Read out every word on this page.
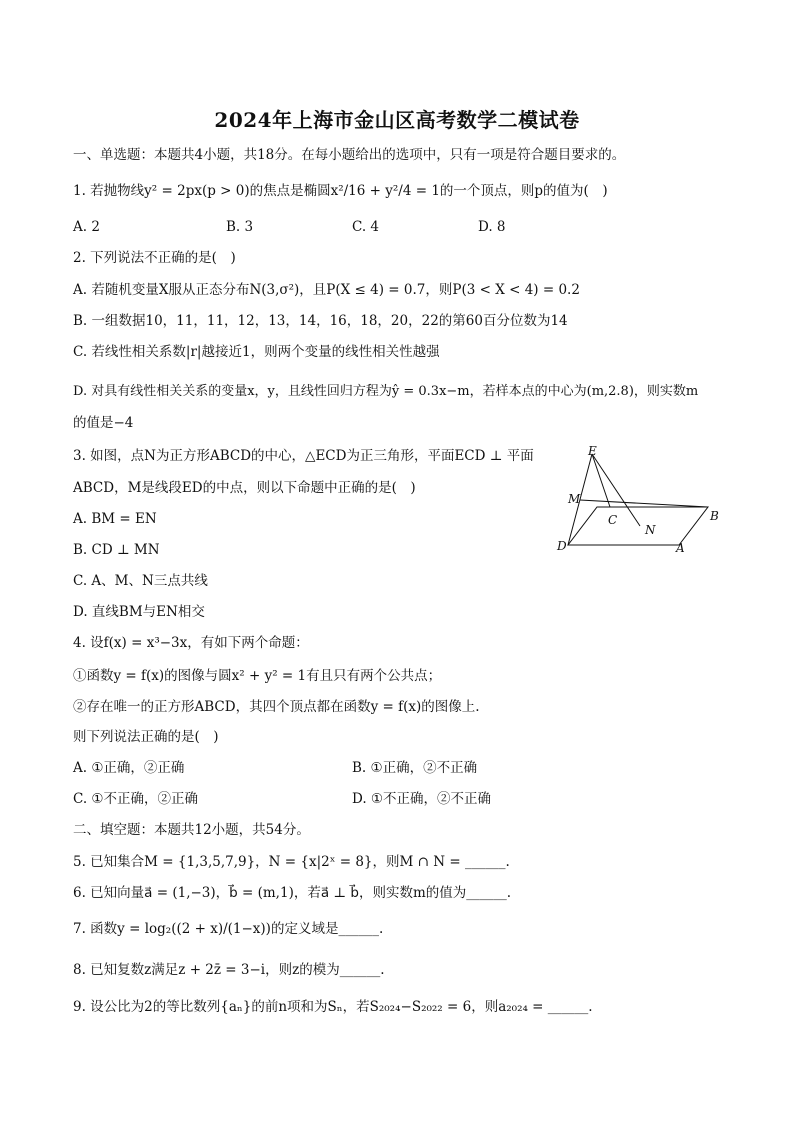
2024年上海市金山区高考数学二模试卷
一、单选题：本题共4小题，共18分。在每小题给出的选项中，只有一项是符合题目要求的。
1. 若抛物线y² = 2px(p > 0)的焦点是椭圆x²/16 + y²/4 = 1的一个顶点，则p的值为(　)
A. 2	B. 3	C. 4	D. 8
2. 下列说法不正确的是(　)
A. 若随机变量X服从正态分布N(3,σ²)，且P(X ≤ 4) = 0.7，则P(3 < X < 4) = 0.2
B. 一组数据10，11，11，12，13，14，16，18，20，22的第60百分位数为14
C. 若线性相关系数|r|越接近1，则两个变量的线性相关性越强
D. 对具有线性相关关系的变量x，y，且线性回归方程为ŷ = 0.3x−m，若样本点的中心为(m,2.8)，则实数m
的值是−4
3. 如图，点N为正方形ABCD的中心，△ECD为正三角形，平面ECD ⊥ 平面
ABCD，M是线段ED的中点，则以下命题中正确的是(　)
A. BM = EN
B. CD ⊥ MN
C. A、M、N三点共线
D. 直线BM与EN相交
E
M
C
N
B
D	A
4. 设f(x) = x³−3x，有如下两个命题：
①函数y = f(x)的图像与圆x² + y² = 1有且只有两个公共点；
②存在唯一的正方形ABCD，其四个顶点都在函数y = f(x)的图像上.
则下列说法正确的是(　)
A. ①正确，②正确	B. ①正确，②不正确
C. ①不正确，②正确	D. ①不正确，②不正确
二、填空题：本题共12小题，共54分。
5. 已知集合M = {1,3,5,7,9}，N = {x|2ˣ = 8}，则M ∩ N = ______.
6. 已知向量a⃗ = (1,−3)，b⃗ = (m,1)，若a⃗ ⊥ b⃗，则实数m的值为______.
7. 函数y = log₂((2 + x)/(1−x))的定义域是______.
8. 已知复数z满足z + 2z̄ = 3−i，则z的模为______.
9. 设公比为2的等比数列{aₙ}的前n项和为Sₙ，若S₂₀₂₄−S₂₀₂₂ = 6，则a₂₀₂₄ = ______.
